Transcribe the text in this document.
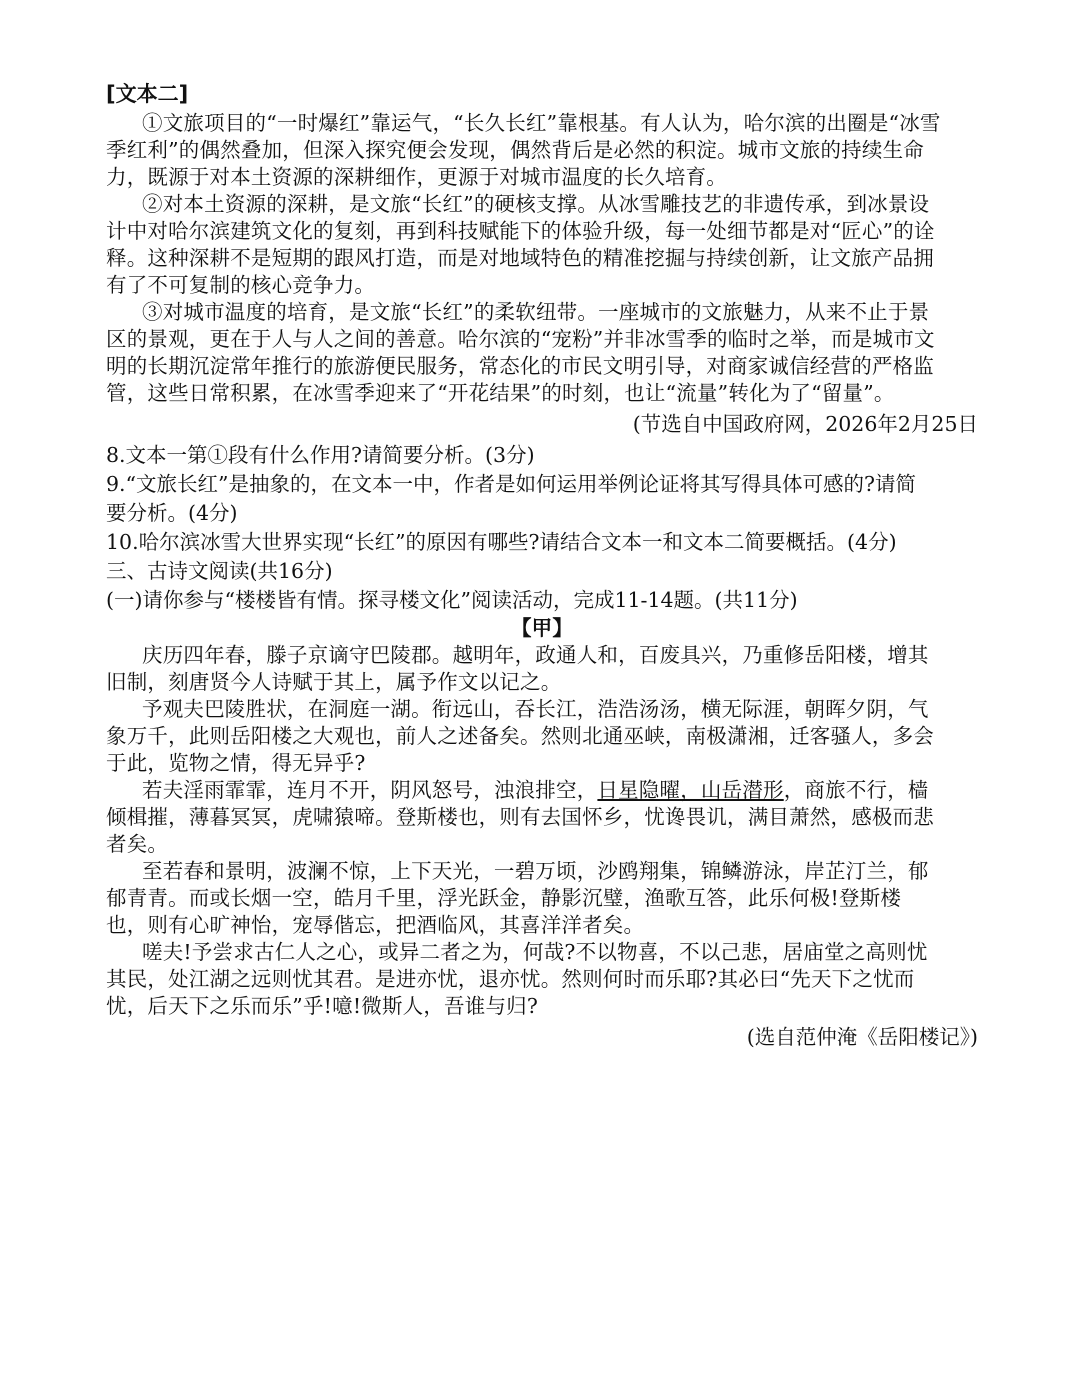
[文本二]
①文旅项目的“一时爆红”靠运气，“长久长红”靠根基。有人认为，哈尔滨的出圈是“冰雪
季红利”的偶然叠加，但深入探究便会发现，偶然背后是必然的积淀。城市文旅的持续生命
力，既源于对本土资源的深耕细作，更源于对城市温度的长久培育。
②对本土资源的深耕，是文旅“长红”的硬核支撑。从冰雪雕技艺的非遗传承，到冰景设
计中对哈尔滨建筑文化的复刻，再到科技赋能下的体验升级，每一处细节都是对“匠心”的诠
释。这种深耕不是短期的跟风打造，而是对地域特色的精准挖掘与持续创新，让文旅产品拥
有了不可复制的核心竞争力。
③对城市温度的培育，是文旅“长红”的柔软纽带。一座城市的文旅魅力，从来不止于景
区的景观，更在于人与人之间的善意。哈尔滨的“宠粉”并非冰雪季的临时之举，而是城市文
明的长期沉淀常年推行的旅游便民服务，常态化的市民文明引导，对商家诚信经营的严格监
管，这些日常积累，在冰雪季迎来了“开花结果”的时刻，也让“流量”转化为了“留量”。
(节选自中国政府网，2026年2月25日
8.文本一第①段有什么作用?请简要分析。(3分)
9.“文旅长红”是抽象的，在文本一中，作者是如何运用举例论证将其写得具体可感的?请简
要分析。(4分)
10.哈尔滨冰雪大世界实现“长红”的原因有哪些?请结合文本一和文本二简要概括。(4分)
三、古诗文阅读(共16分)
(一)请你参与“楼楼皆有情。探寻楼文化”阅读活动，完成11-14题。(共11分)
【甲】
庆历四年春，滕子京谪守巴陵郡。越明年，政通人和，百废具兴，乃重修岳阳楼，增其
旧制，刻唐贤今人诗赋于其上，属予作文以记之。
予观夫巴陵胜状，在洞庭一湖。衔远山，吞长江，浩浩汤汤，横无际涯，朝晖夕阴，气
象万千，此则岳阳楼之大观也，前人之述备矣。然则北通巫峡，南极潇湘，迁客骚人，多会
于此，览物之情，得无异乎?
若夫淫雨霏霏，连月不开，阴风怒号，浊浪排空，日星隐曜，山岳潜形，商旅不行，樯
倾楫摧，薄暮冥冥，虎啸猿啼。登斯楼也，则有去国怀乡，忧谗畏讥，满目萧然，感极而悲
者矣。
至若春和景明，波澜不惊，上下天光，一碧万顷，沙鸥翔集，锦鳞游泳，岸芷汀兰，郁
郁青青。而或长烟一空，皓月千里，浮光跃金，静影沉璧，渔歌互答，此乐何极!登斯楼
也，则有心旷神怡，宠辱偕忘，把酒临风，其喜洋洋者矣。
嗟夫!予尝求古仁人之心，或异二者之为，何哉?不以物喜，不以己悲，居庙堂之高则忧
其民，处江湖之远则忧其君。是进亦忧，退亦忧。然则何时而乐耶?其必曰“先天下之忧而
忧，后天下之乐而乐”乎!噫!微斯人，吾谁与归?
(选自范仲淹《岳阳楼记》)
